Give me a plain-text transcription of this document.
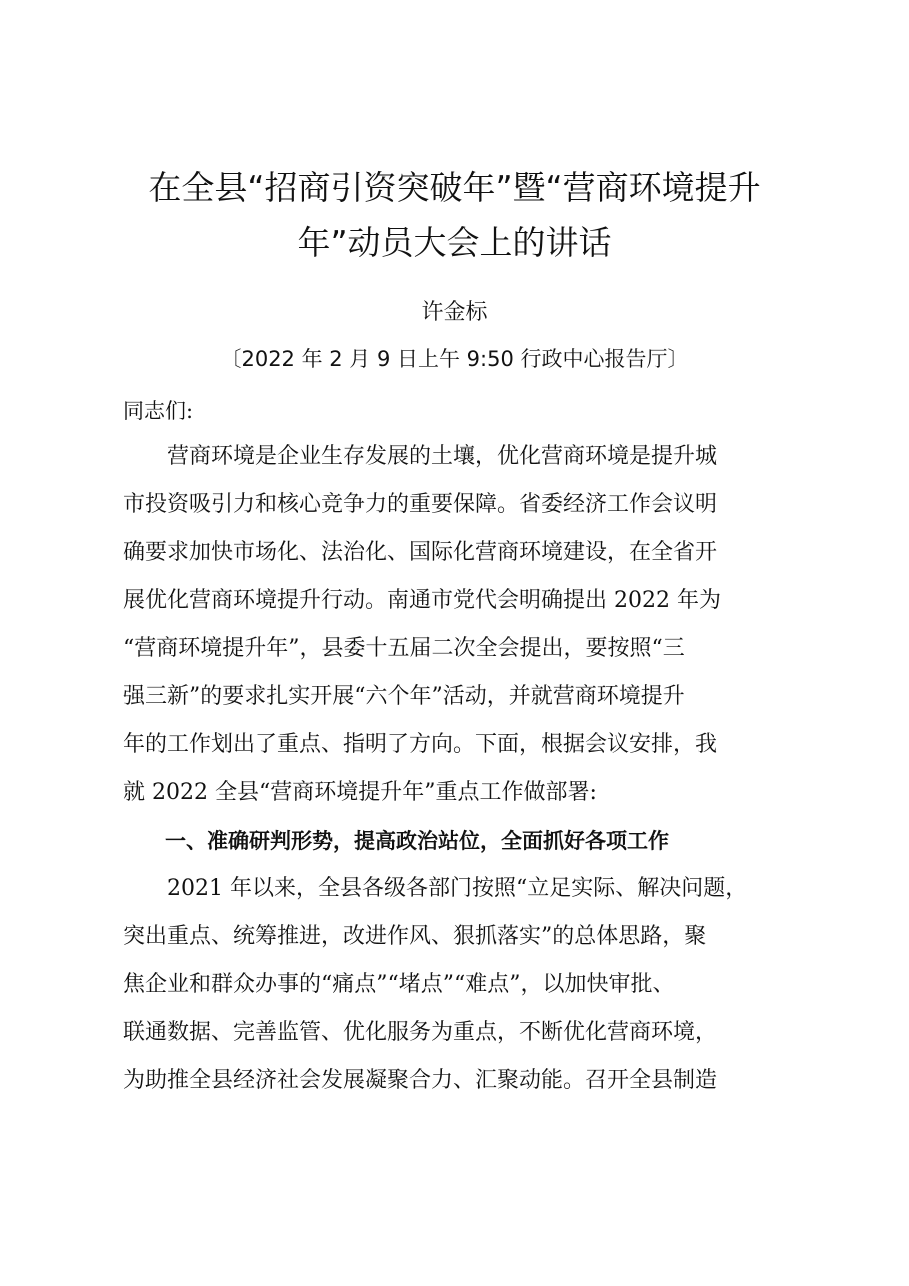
在全县“招商引资突破年”暨“营商环境提升
年”动员大会上的讲话
许金标
〔2022 年 2 月 9 日上午 9:50 行政中心报告厅〕
同志们:
　　营商环境是企业生存发展的土壤，优化营商环境是提升城
市投资吸引力和核心竞争力的重要保障。省委经济工作会议明
确要求加快市场化、法治化、国际化营商环境建设，在全省开
展优化营商环境提升行动。南通市党代会明确提出 2022 年为
“营商环境提升年”，县委十五届二次全会提出，要按照“三
强三新”的要求扎实开展“六个年”活动，并就营商环境提升
年的工作划出了重点、指明了方向。下面，根据会议安排，我
就 2022 全县“营商环境提升年”重点工作做部署:
　　一、准确研判形势，提高政治站位，全面抓好各项工作
　　2021 年以来，全县各级各部门按照“立足实际、解决问题，
突出重点、统筹推进，改进作风、狠抓落实”的总体思路，聚
焦企业和群众办事的“痛点”“堵点”“难点”，以加快审批、
联通数据、完善监管、优化服务为重点，不断优化营商环境，
为助推全县经济社会发展凝聚合力、汇聚动能。召开全县制造
